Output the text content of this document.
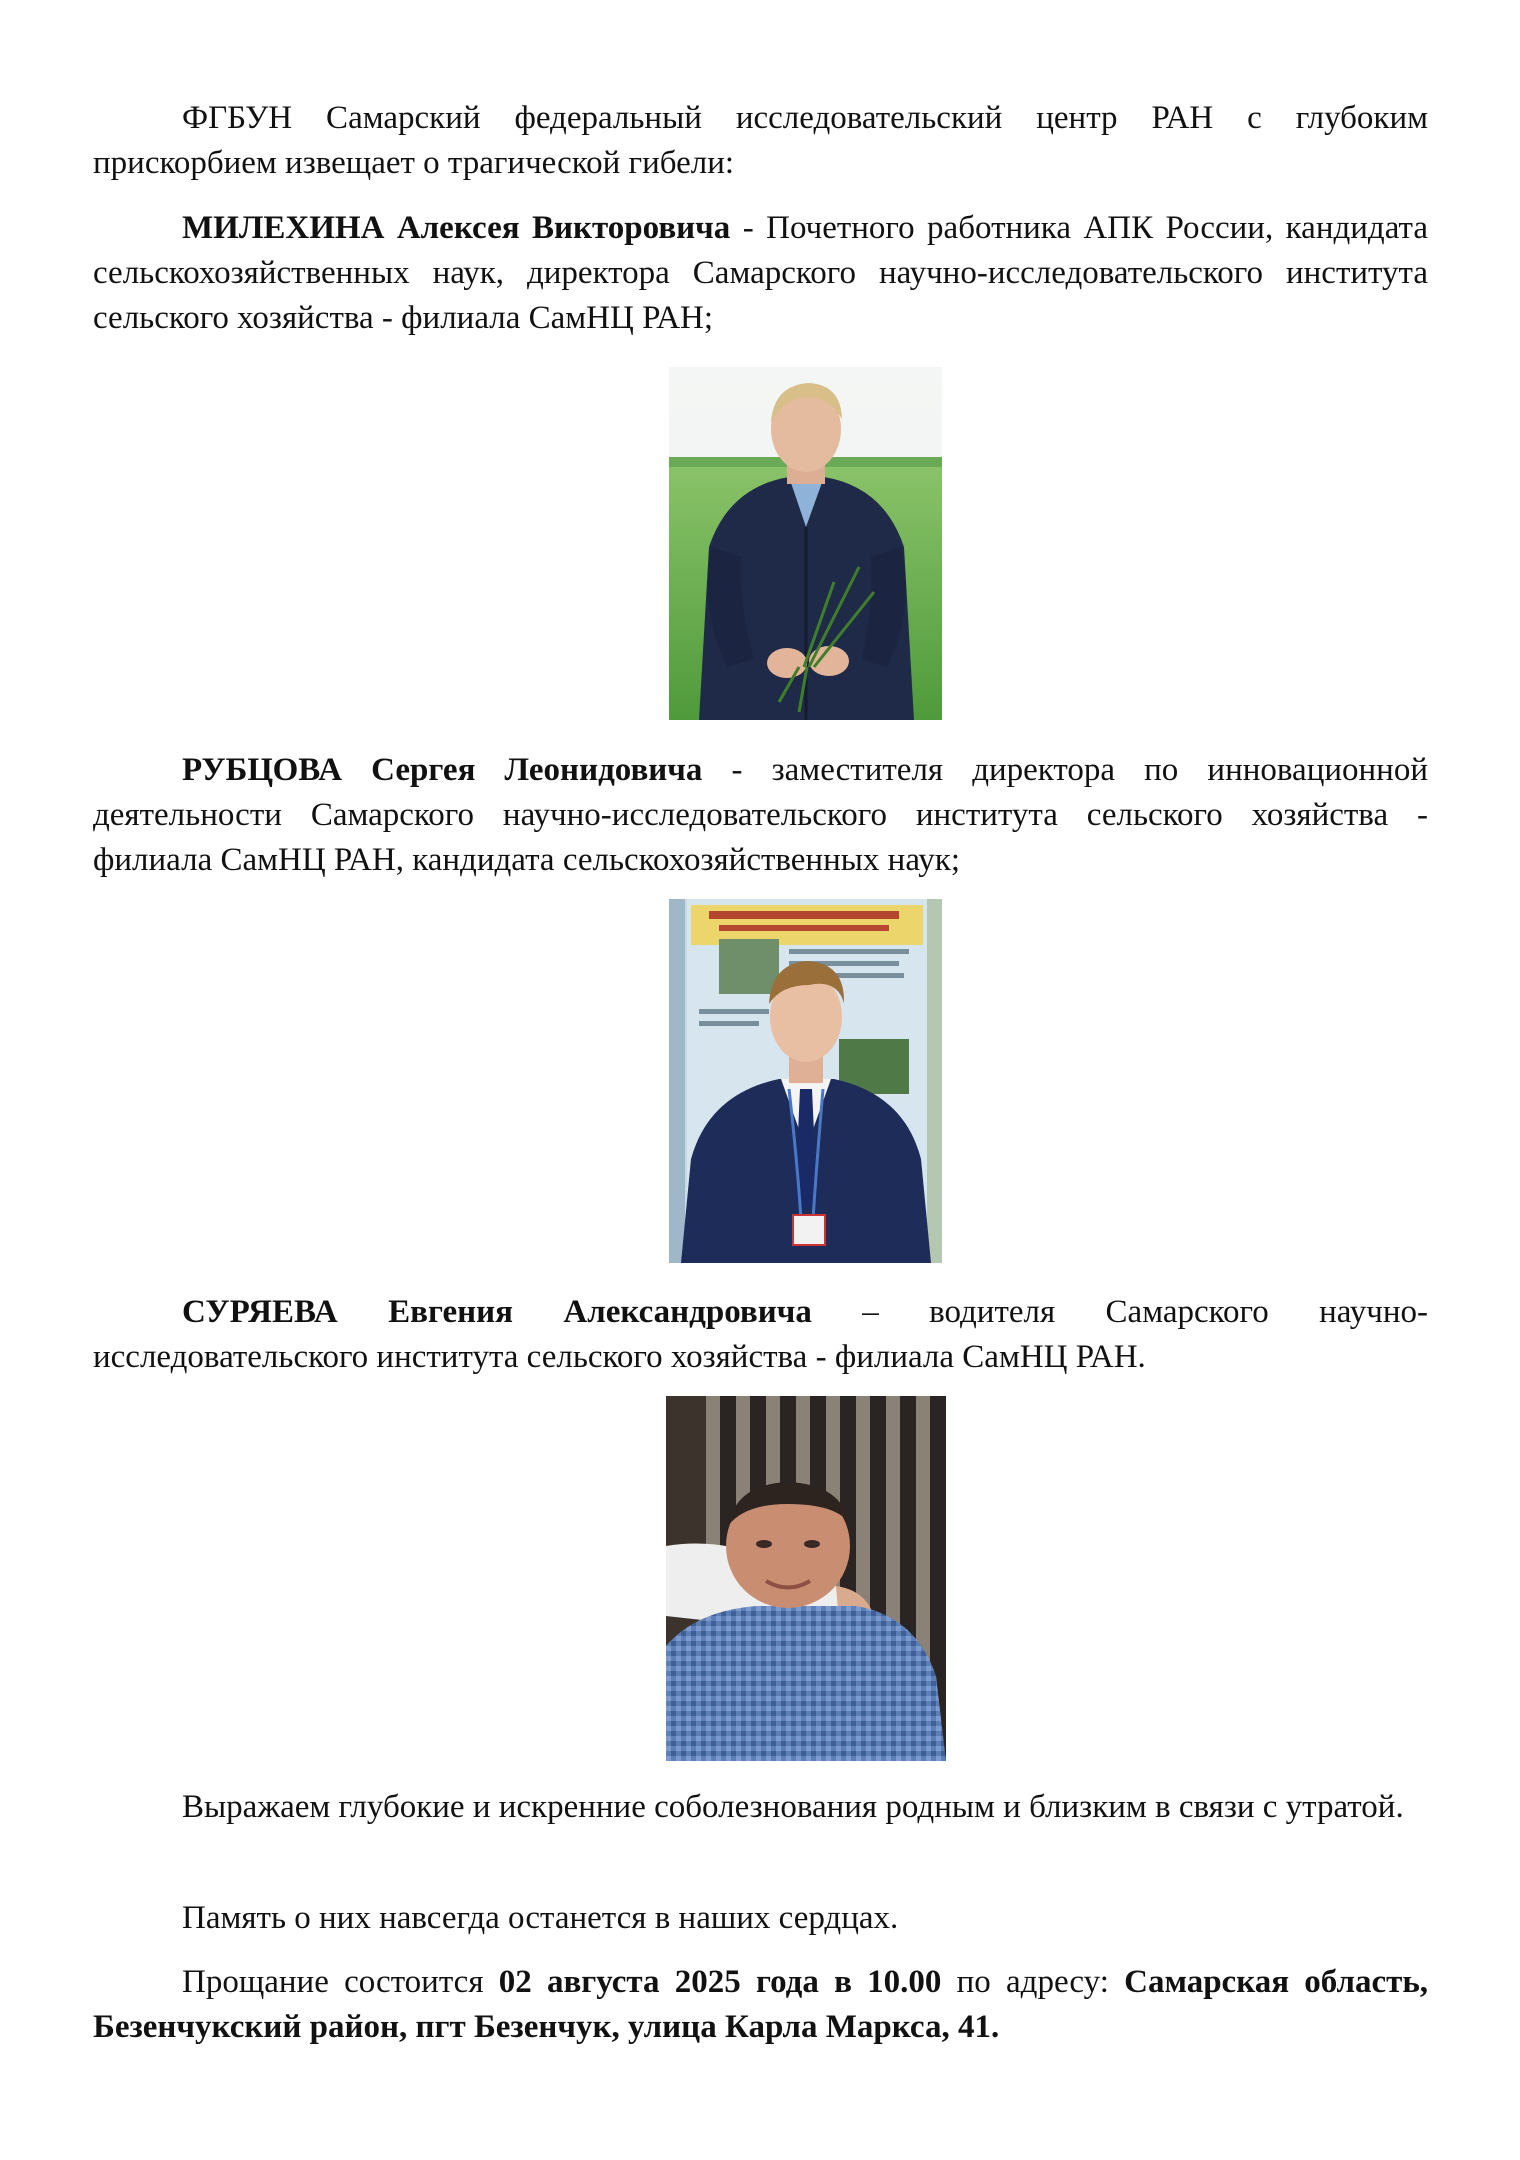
ФГБУН Самарский федеральный исследовательский центр РАН с глубоким прискорбием извещает о трагической гибели:

МИЛЕХИНА Алексея Викторовича - Почетного работника АПК России, кандидата сельскохозяйственных наук, директора Самарского научно-исследовательского института сельского хозяйства - филиала СамНЦ РАН;

РУБЦОВА Сергея Леонидовича - заместителя директора по инновационной деятельности Самарского научно-исследовательского института сельского хозяйства - филиала СамНЦ РАН, кандидата сельскохозяйственных наук;

СУРЯЕВА Евгения Александровича – водителя Самарского научно-исследовательского института сельского хозяйства - филиала СамНЦ РАН.

Выражаем глубокие и искренние соболезнования родным и близким в связи с утратой.

Память о них навсегда останется в наших сердцах.

Прощание состоится 02 августа 2025 года в 10.00 по адресу: Самарская область, Безенчукский район, пгт Безенчук, улица Карла Маркса, 41.
